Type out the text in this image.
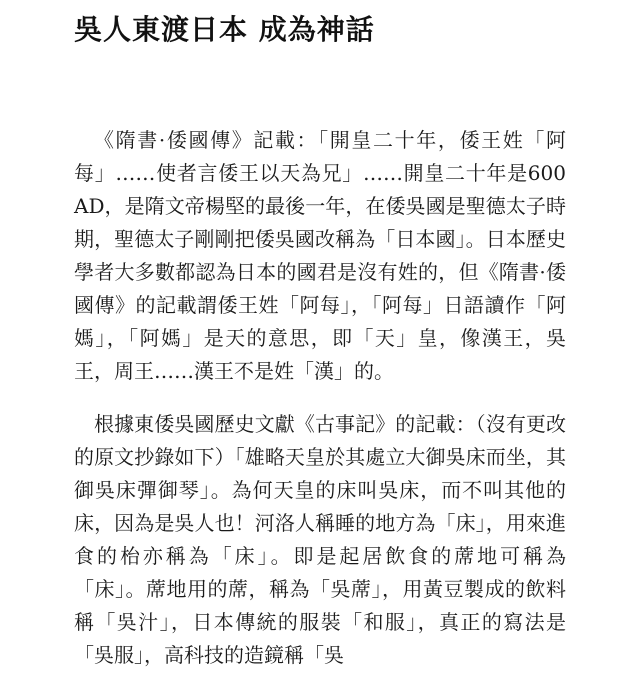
吳人東渡日本 成為神話

《隋書·倭國傳》記載：「開皇二十年，倭王姓「阿每」……使者言倭王以天為兄」……開皇二十年是600AD，是隋文帝楊堅的最後一年，在倭吳國是聖德太子時期，聖德太子剛剛把倭吳國改稱為「日本國」。日本歷史學者大多數都認為日本的國君是沒有姓的，但《隋書·倭國傳》的記載謂倭王姓「阿每」，「阿每」日語讀作「阿媽」，「阿媽」是天的意思，即「天」皇，像漢王，吳王，周王……漢王不是姓「漢」的。

根據東倭吳國歷史文獻《古事記》的記載：（沒有更改的原文抄錄如下）「雄略天皇於其處立大御吳床而坐，其御吳床彈御琴」。為何天皇的床叫吳床，而不叫其他的床，因為是吳人也！河洛人稱睡的地方為「床」，用來進食的枱亦稱為「床」。即是起居飲食的蓆地可稱為「床」。蓆地用的蓆，稱為「吳蓆」，用黃豆製成的飲料稱「吳汁」，日本傳統的服裝「和服」，真正的寫法是「吳服」，高科技的造鏡稱「吳
